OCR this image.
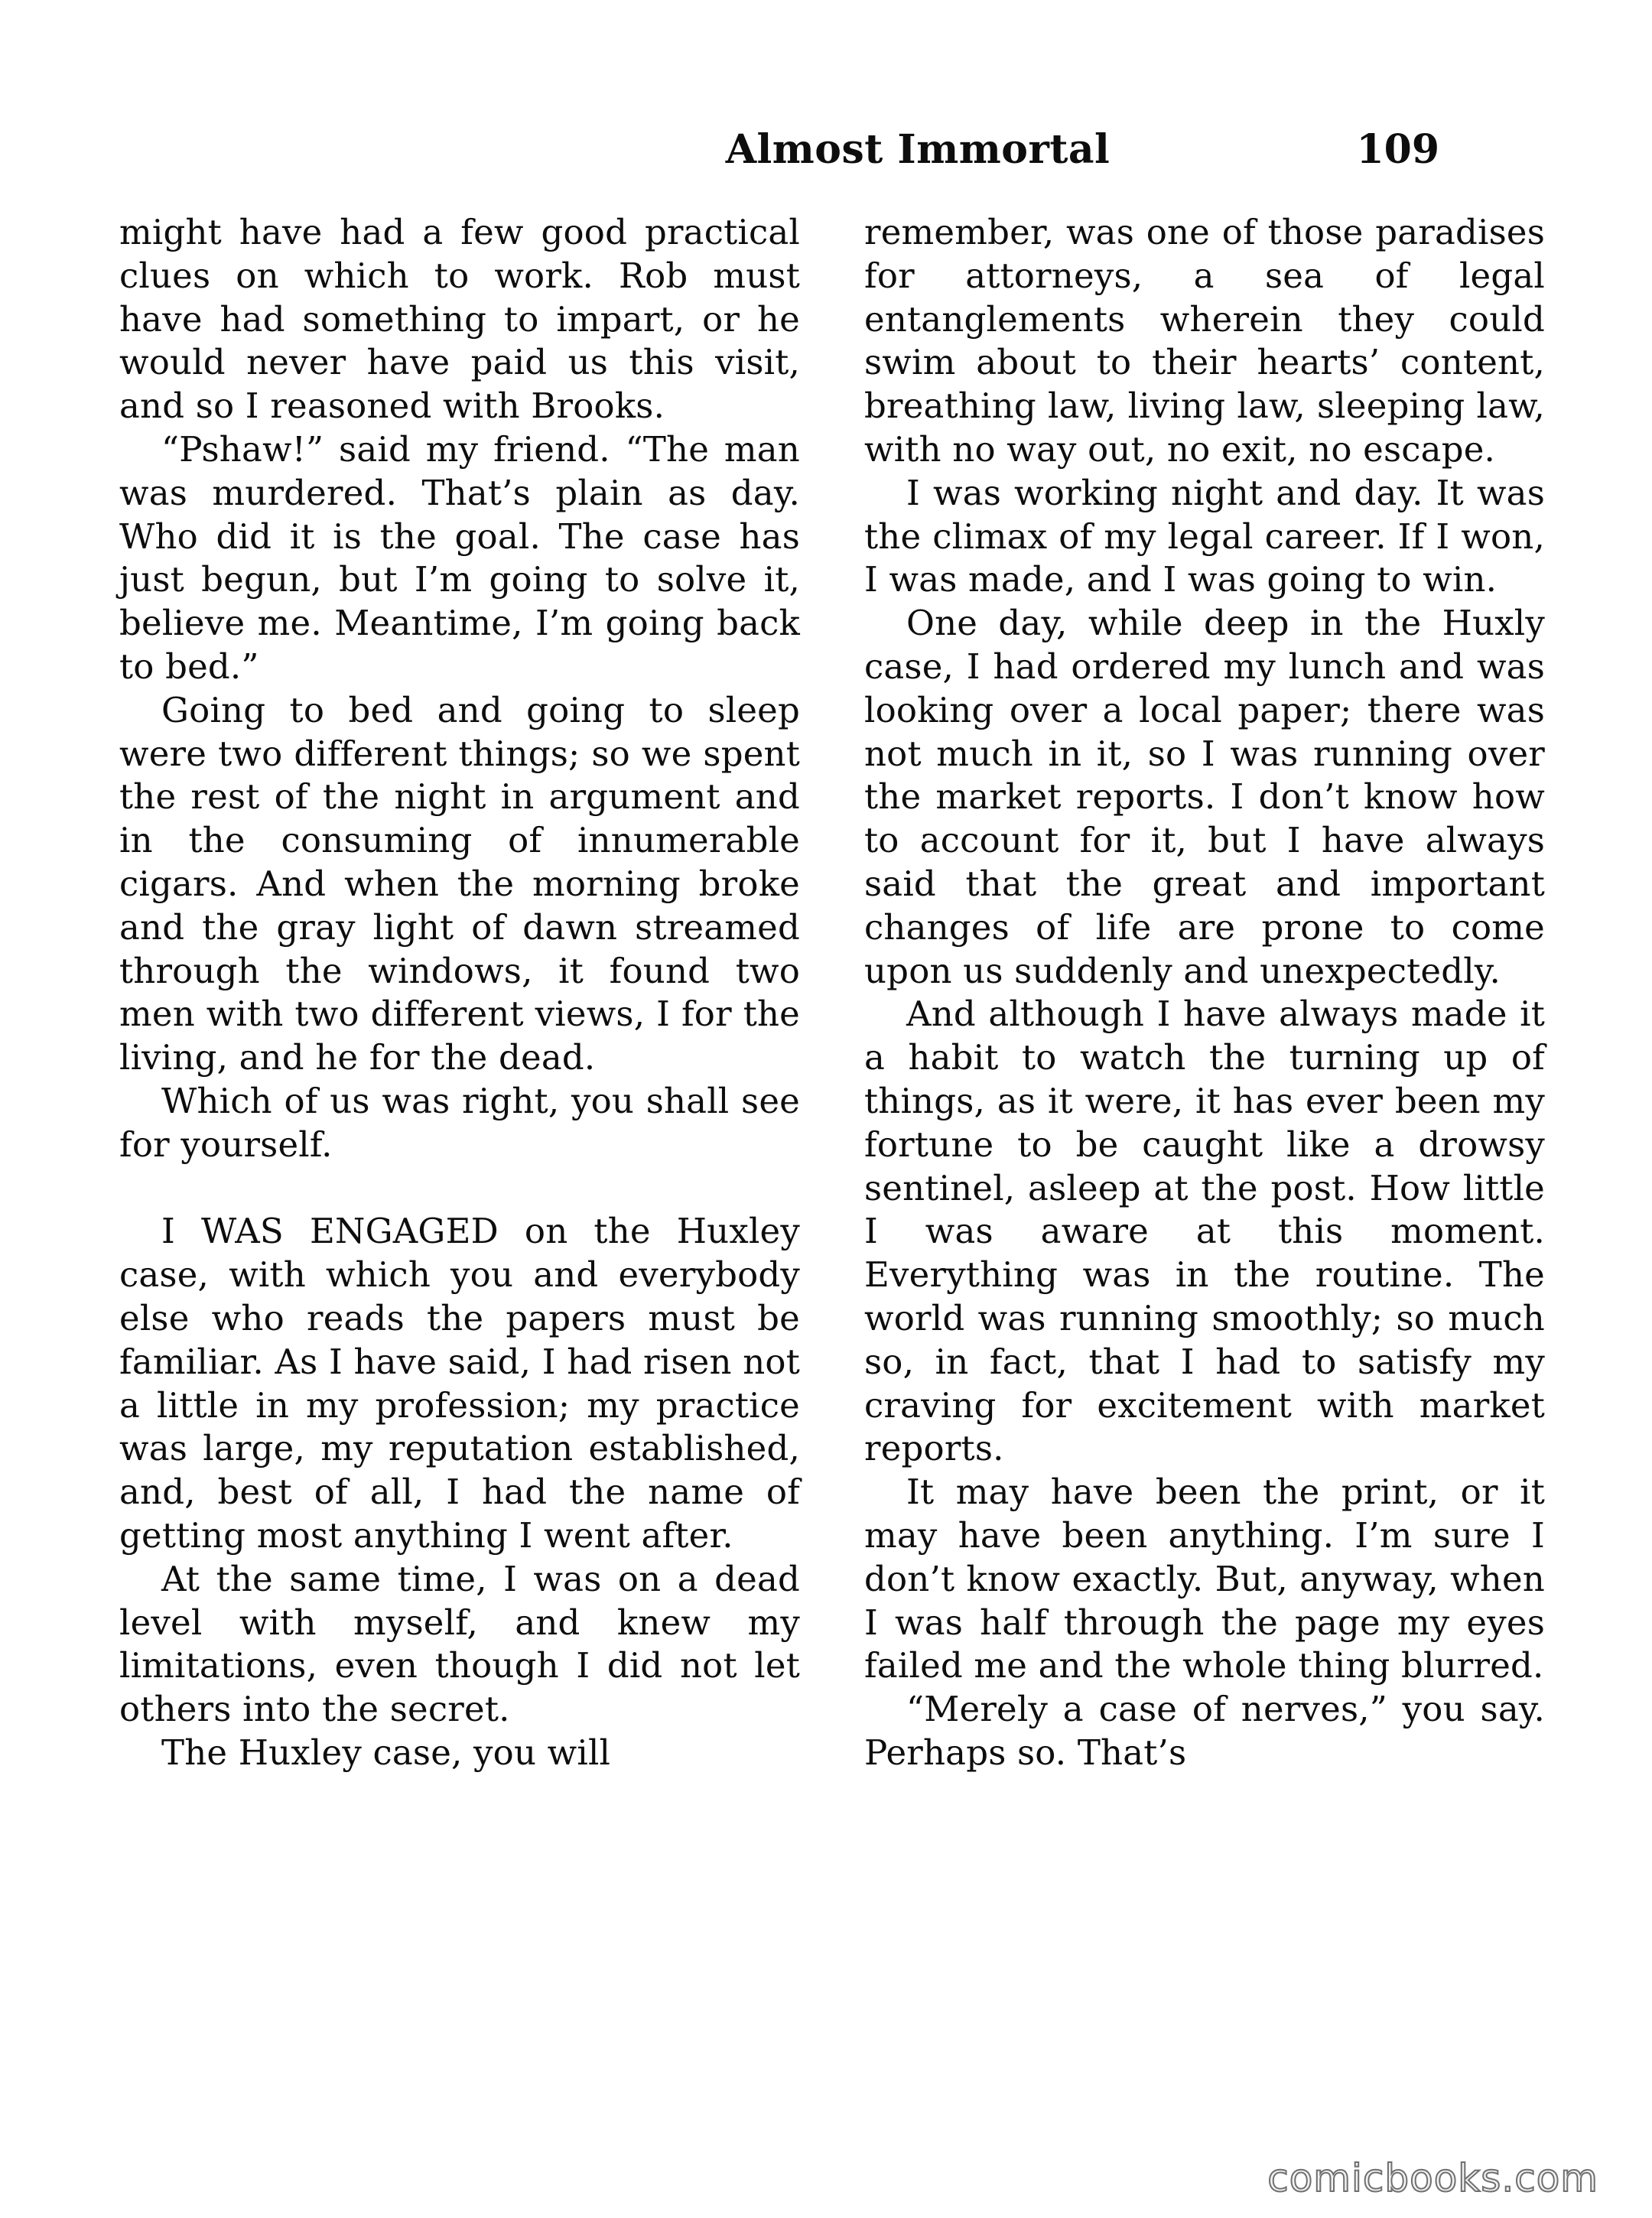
Almost Immortal	109

might have had a few good practical clues on which to work. Rob must have had something to impart, or he would never have paid us this visit, and so I reasoned with Brooks.

“Pshaw!” said my friend. “The man was murdered. That’s plain as day. Who did it is the goal. The case has just begun, but I’m going to solve it, believe me. Meantime, I’m going back to bed.”

Going to bed and going to sleep were two different things; so we spent the rest of the night in argument and in the consuming of innumerable cigars. And when the morning broke and the gray light of dawn streamed through the windows, it found two men with two different views, I for the living, and he for the dead.

Which of us was right, you shall see for yourself.

I WAS ENGAGED on the Huxley case, with which you and everybody else who reads the papers must be familiar. As I have said, I had risen not a little in my profession; my practice was large, my reputation established, and, best of all, I had the name of getting most anything I went after.

At the same time, I was on a dead level with myself, and knew my limitations, even though I did not let others into the secret.

The Huxley case, you will

remember, was one of those paradises for attorneys, a sea of legal entanglements wherein they could swim about to their hearts’ content, breathing law, living law, sleeping law, with no way out, no exit, no escape.

I was working night and day. It was the climax of my legal career. If I won, I was made, and I was going to win.

One day, while deep in the Huxly case, I had ordered my lunch and was looking over a local paper; there was not much in it, so I was running over the market reports. I don’t know how to account for it, but I have always said that the great and important changes of life are prone to come upon us suddenly and unexpectedly.

And although I have always made it a habit to watch the turning up of things, as it were, it has ever been my fortune to be caught like a drowsy sentinel, asleep at the post. How little I was aware at this moment. Everything was in the routine. The world was running smoothly; so much so, in fact, that I had to satisfy my craving for excitement with market reports.

It may have been the print, or it may have been anything. I’m sure I don’t know exactly. But, anyway, when I was half through the page my eyes failed me and the whole thing blurred.

“Merely a case of nerves,” you say. Perhaps so. That’s

comicbooks.com
